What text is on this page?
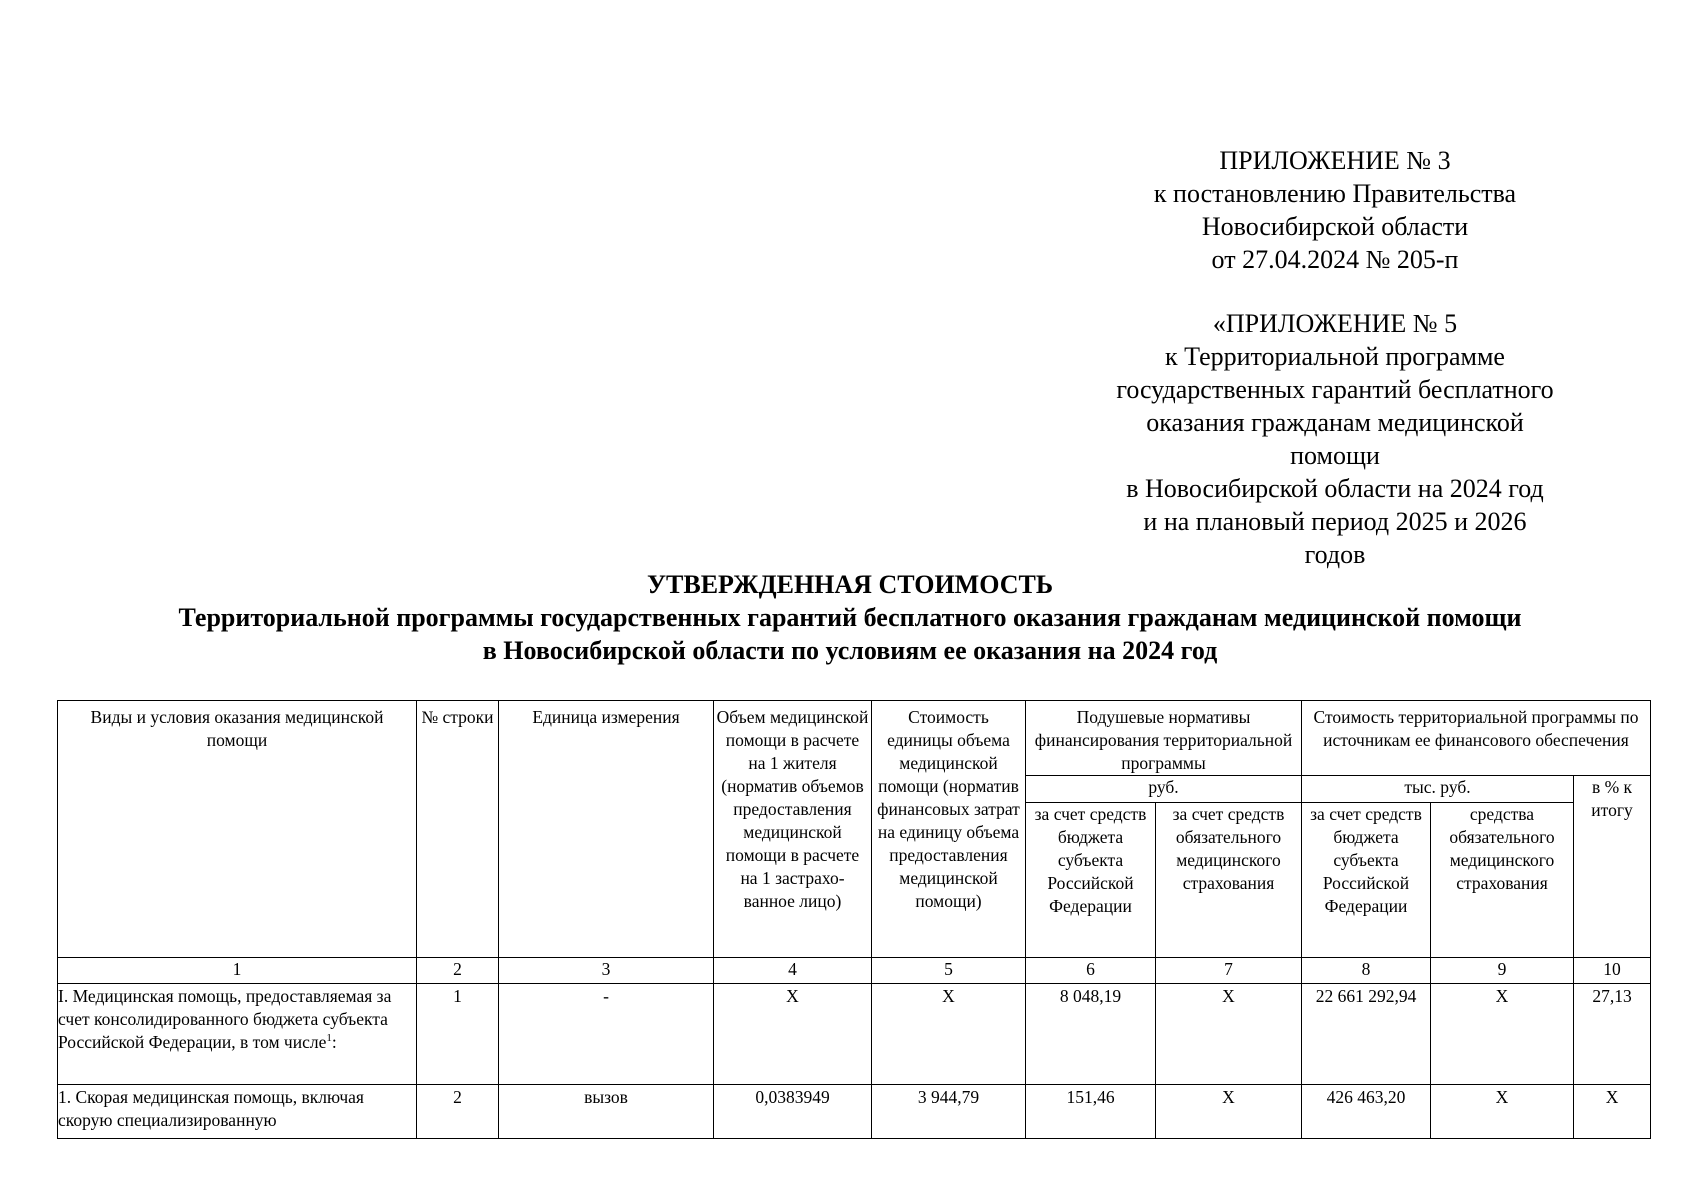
ПРИЛОЖЕНИЕ № 3
к постановлению Правительства
Новосибирской области
от 27.04.2024 № 205-п
«ПРИЛОЖЕНИЕ № 5
к Территориальной программе
государственных гарантий бесплатного
оказания гражданам медицинской помощи
в Новосибирской области на 2024 год
и на плановый период 2025 и 2026 годов
УТВЕРЖДЕННАЯ СТОИМОСТЬ
Территориальной программы государственных гарантий бесплатного оказания гражданам медицинской помощи
в Новосибирской области по условиям ее оказания на 2024 год
Виды и условия оказания медицинской помощи	№ строки	Единица измерения	Объем медицинской помощи в расчете на 1 жителя (норматив объемов предоставления медицинской помощи в расчете на 1 застрахо-ванное лицо)	Стоимость единицы объема медицинской помощи (норматив финансовых затрат на единицу объема предоставления медицинской помощи)	Подушевые нормативы финансирования территориальной программы		Стоимость территориальной программы по источникам ее финансового обеспечения		
					руб.		тыс. руб.		в % к итогу
					за счет средств бюджета субъекта Российской Федерации	за счет средств обязательного медицинского страхования	за счет средств бюджета субъекта Российской Федерации	средства обязательного медицинского страхования	
1	2	3	4	5	6	7	8	9	10
I. Медицинская помощь, предоставляемая за счет консолидированного бюджета субъекта Российской Федерации, в том числе$^1$:	1	-	Х	Х	8 048,19	Х	22 661 292,94	Х	27,13
1. Скорая медицинская помощь, включая скорую специализированную	2	вызов	0,0383949	3 944,79	151,46	Х	426 463,20	Х	Х
